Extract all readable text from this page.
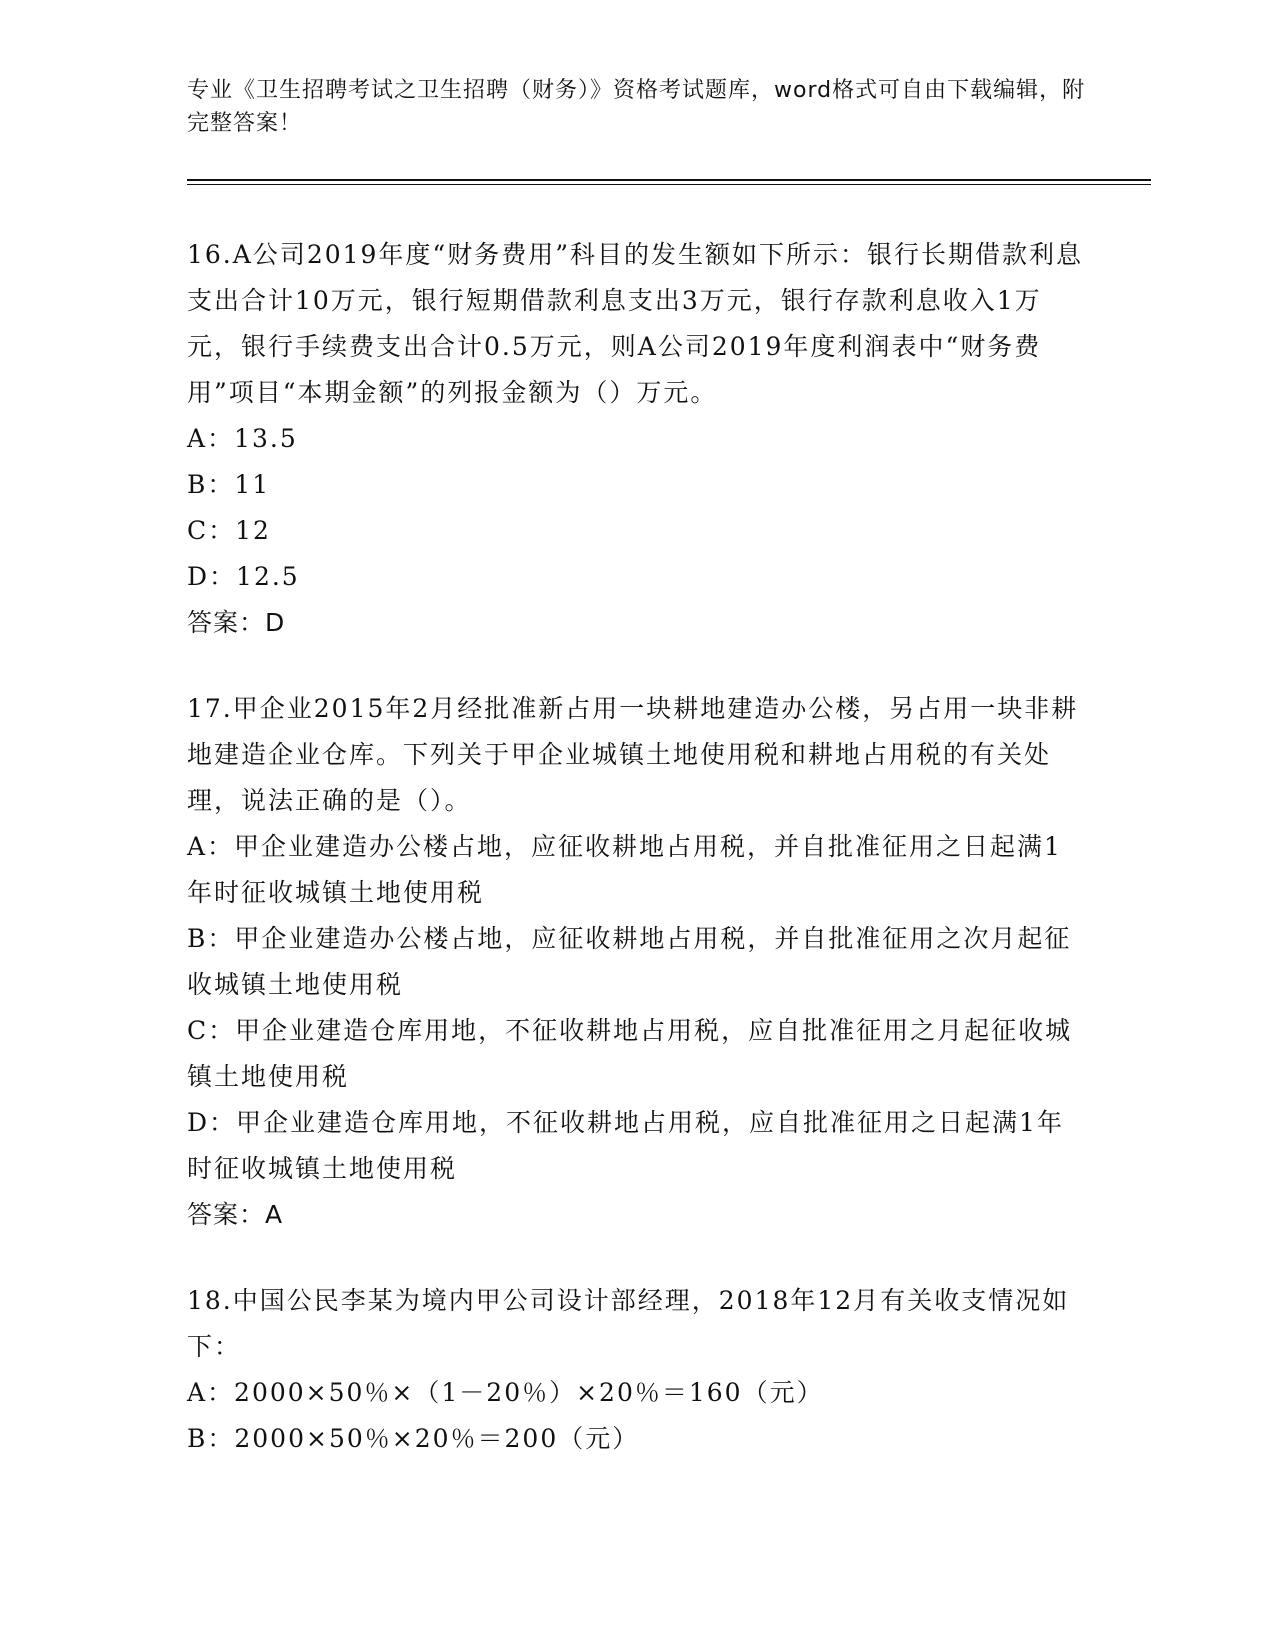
专业《卫生招聘考试之卫生招聘（财务）》资格考试题库，word格式可自由下载编辑，附完整答案！
16.A公司2019年度“财务费用”科目的发生额如下所示：银行长期借款利息支出合计10万元，银行短期借款利息支出3万元，银行存款利息收入1万元，银行手续费支出合计0.5万元，则A公司2019年度利润表中“财务费用”项目“本期金额”的列报金额为（）万元。
A：13.5
B：11
C：12
D：12.5
答案：D
17.甲企业2015年2月经批准新占用一块耕地建造办公楼，另占用一块非耕地建造企业仓库。下列关于甲企业城镇土地使用税和耕地占用税的有关处理，说法正确的是（）。
A：甲企业建造办公楼占地，应征收耕地占用税，并自批准征用之日起满1年时征收城镇土地使用税
B：甲企业建造办公楼占地，应征收耕地占用税，并自批准征用之次月起征收城镇土地使用税
C：甲企业建造仓库用地，不征收耕地占用税，应自批准征用之月起征收城镇土地使用税
D：甲企业建造仓库用地，不征收耕地占用税，应自批准征用之日起满1年时征收城镇土地使用税
答案：A
18.中国公民李某为境内甲公司设计部经理，2018年12月有关收支情况如下：
A：2000×50％×（1－20％）×20％＝160（元）
B：2000×50％×20％＝200（元）
